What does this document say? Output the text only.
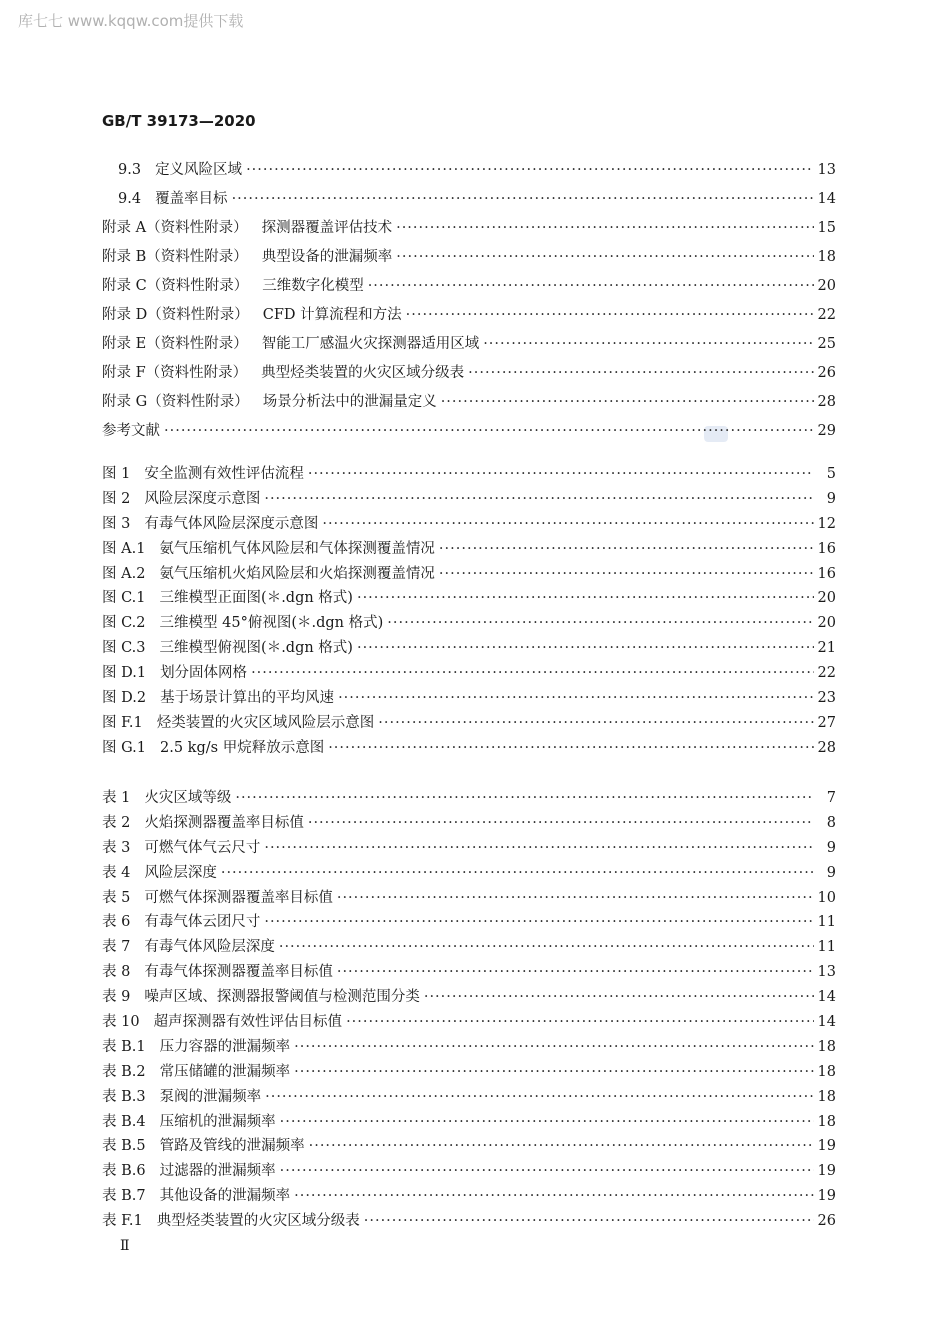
库七七 www.kqqw.com提供下载
GB/T 39173—2020
9.3 定义风险区域 ·····	13
9.4 覆盖率目标 ·····	14
附录 A（资料性附录） 探测器覆盖评估技术 ·····	15
附录 B（资料性附录） 典型设备的泄漏频率 ·····	18
附录 C（资料性附录） 三维数字化模型 ·····	20
附录 D（资料性附录） CFD 计算流程和方法 ·····	22
附录 E（资料性附录） 智能工厂感温火灾探测器适用区域 ·····	25
附录 F（资料性附录） 典型烃类装置的火灾区域分级表 ·····	26
附录 G（资料性附录） 场景分析法中的泄漏量定义 ·····	28
参考文献 ·····	29
图 1 安全监测有效性评估流程 ·····	5
图 2 风险层深度示意图 ·····	9
图 3 有毒气体风险层深度示意图 ·····	12
图 A.1 氨气压缩机气体风险层和气体探测覆盖情况 ·····	16
图 A.2 氨气压缩机火焰风险层和火焰探测覆盖情况 ·····	16
图 C.1 三维模型正面图(＊.dgn 格式) ·····	20
图 C.2 三维模型 45°俯视图(＊.dgn 格式) ·····	20
图 C.3 三维模型俯视图(＊.dgn 格式) ·····	21
图 D.1 划分固体网格 ·····	22
图 D.2 基于场景计算出的平均风速 ·····	23
图 F.1 烃类装置的火灾区域风险层示意图 ·····	27
图 G.1 2.5 kg/s 甲烷释放示意图 ·····	28
表 1 火灾区域等级 ·····	7
表 2 火焰探测器覆盖率目标值 ·····	8
表 3 可燃气体气云尺寸 ·····	9
表 4 风险层深度 ·····	9
表 5 可燃气体探测器覆盖率目标值 ·····	10
表 6 有毒气体云团尺寸 ·····	11
表 7 有毒气体风险层深度 ·····	11
表 8 有毒气体探测器覆盖率目标值 ·····	13
表 9 噪声区域、探测器报警阈值与检测范围分类 ·····	14
表 10 超声探测器有效性评估目标值 ·····	14
表 B.1 压力容器的泄漏频率 ·····	18
表 B.2 常压储罐的泄漏频率 ·····	18
表 B.3 泵阀的泄漏频率 ·····	18
表 B.4 压缩机的泄漏频率 ·····	18
表 B.5 管路及管线的泄漏频率 ·····	19
表 B.6 过滤器的泄漏频率 ·····	19
表 B.7 其他设备的泄漏频率 ·····	19
表 F.1 典型烃类装置的火灾区域分级表 ·····	26
Ⅱ
